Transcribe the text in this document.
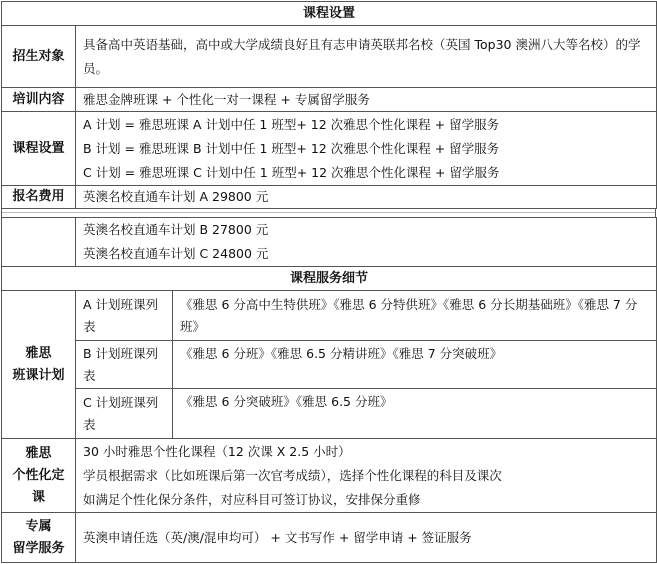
课程设置	
招生对象	具备高中英语基础，高中或大学成绩良好且有志申请英联邦名校（英国 Top30 澳洲八大等名校）的学员。
培训内容	雅思金牌班课 + 个性化一对一课程 + 专属留学服务
课程设置	A 计划 = 雅思班课 A 计划中任 1 班型+ 12 次雅思个性化课程 + 留学服务
B 计划 = 雅思班课 B 计划中任 1 班型+ 12 次雅思个性化课程 + 留学服务
C 计划 = 雅思班课 C 计划中任 1 班型+ 12 次雅思个性化课程 + 留学服务

报名费用	英澳名校直通车计划 A 29800 元

	英澳名校直通车计划 B 27800 元
英澳名校直通车计划 C 24800 元	

课程服务细节		

雅思
班课计划	A 计划班课列表	《雅思 6 分高中生特供班》《雅思 6 分特供班》《雅思 6 分长期基础班》《雅思 7 分班》
	B 计划班课列表	《雅思 6 分班》《雅思 6.5 分精讲班》《雅思 7 分突破班》
	C 计划班课列表	《雅思 6 分突破班》《雅思 6.5 分班》

雅思
个性化定
课	30 小时雅思个性化课程（12 次课 X 2.5 小时）
学员根据需求（比如班课后第一次官考成绩），选择个性化课程的科目及课次
如满足个性化保分条件，对应科目可签订协议，安排保分重修	

专属
留学服务	英澳申请任选（英/澳/混申均可） + 文书写作 + 留学申请 + 签证服务	
